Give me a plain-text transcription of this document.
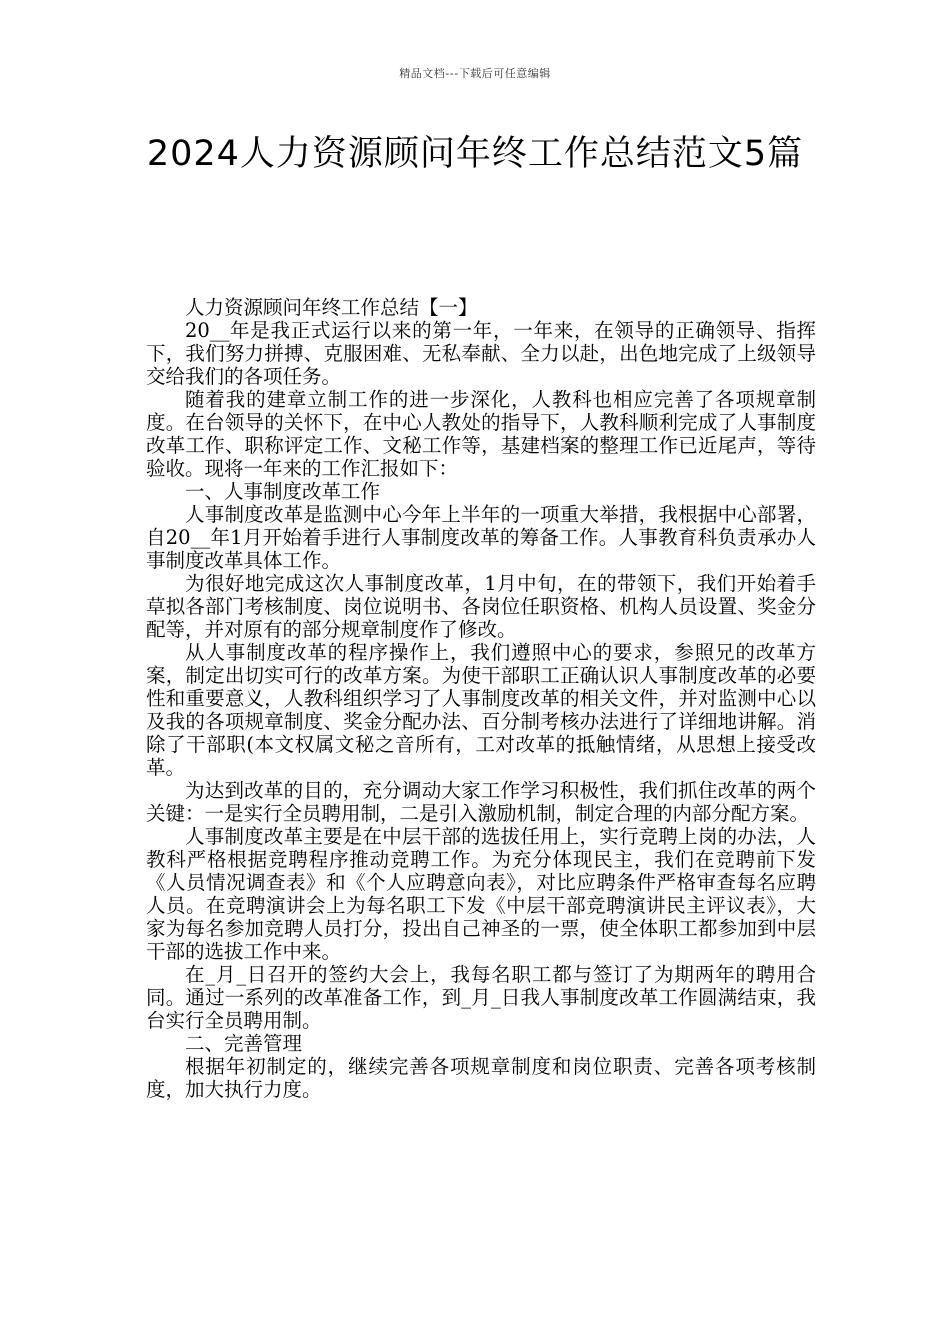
精品文档---下载后可任意编辑
2024人力资源顾问年终工作总结范文5篇

人力资源顾问年终工作总结【一】

20__年是我正式运行以来的第一年，一年来，在领导的正确领导、指挥下，我们努力拼搏、克服困难、无私奉献、全力以赴，出色地完成了上级领导交给我们的各项任务。

随着我的建章立制工作的进一步深化，人教科也相应完善了各项规章制度。在台领导的关怀下，在中心人教处的指导下，人教科顺利完成了人事制度改革工作、职称评定工作、文秘工作等，基建档案的整理工作已近尾声，等待验收。现将一年来的工作汇报如下：

一、人事制度改革工作

人事制度改革是监测中心今年上半年的一项重大举措，我根据中心部署，自20__年1月开始着手进行人事制度改革的筹备工作。人事教育科负责承办人事制度改革具体工作。

为很好地完成这次人事制度改革，1月中旬，在的带领下，我们开始着手草拟各部门考核制度、岗位说明书、各岗位任职资格、机构人员设置、奖金分配等，并对原有的部分规章制度作了修改。

从人事制度改革的程序操作上，我们遵照中心的要求，参照兄的改革方案，制定出切实可行的改革方案。为使干部职工正确认识人事制度改革的必要性和重要意义，人教科组织学习了人事制度改革的相关文件，并对监测中心以及我的各项规章制度、奖金分配办法、百分制考核办法进行了详细地讲解。消除了干部职(本文权属文秘之音所有，工对改革的抵触情绪，从思想上接受改革。

为达到改革的目的，充分调动大家工作学习积极性，我们抓住改革的两个关键：一是实行全员聘用制，二是引入激励机制，制定合理的内部分配方案。

人事制度改革主要是在中层干部的选拔任用上，实行竞聘上岗的办法，人教科严格根据竞聘程序推动竞聘工作。为充分体现民主，我们在竞聘前下发《人员情况调查表》和《个人应聘意向表》，对比应聘条件严格审查每名应聘人员。在竞聘演讲会上为每名职工下发《中层干部竞聘演讲民主评议表》，大家为每名参加竞聘人员打分，投出自己神圣的一票，使全体职工都参加到中层干部的选拔工作中来。

在_月_日召开的签约大会上，我每名职工都与签订了为期两年的聘用合同。通过一系列的改革准备工作，到_月_日我人事制度改革工作圆满结束，我台实行全员聘用制。

二、完善管理

根据年初制定的，继续完善各项规章制度和岗位职责、完善各项考核制度，加大执行力度。
